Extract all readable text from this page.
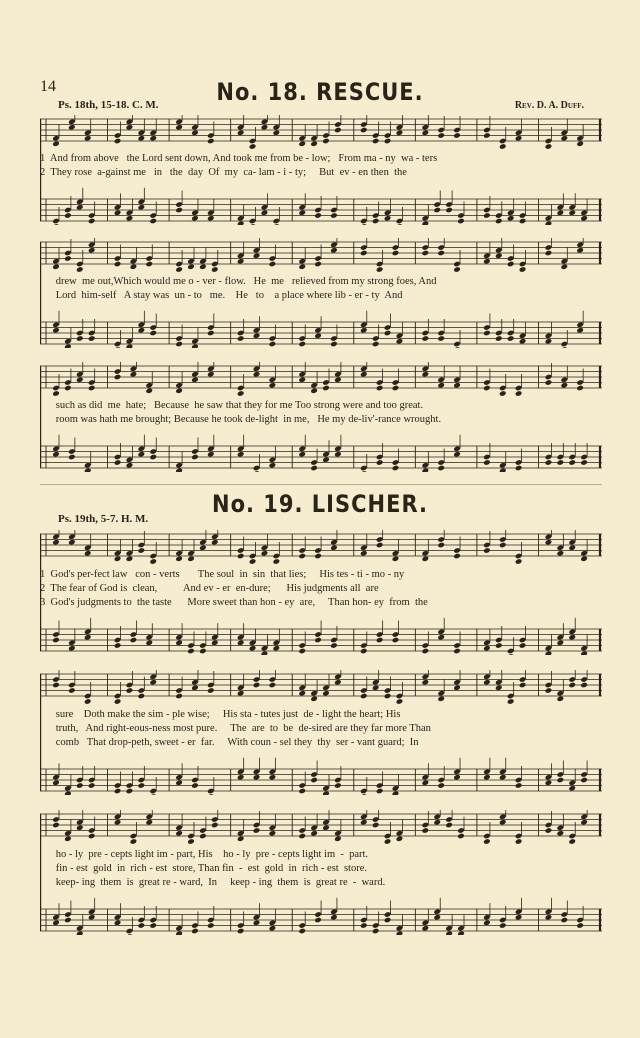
14	No. 18. RESCUE.
Ps. 18th, 15-18. C. M.	Rev. D. A. Duff.
1  And from above   the Lord sent down, And took me from be - low;   From ma - ny  wa - ters
2  They rose  a-gainst me   in   the  day  Of  my  ca- lam - i - ty;     But  ev - en then  the
drew  me out,Which would me o - ver - flow.   He  me   relieved from my strong foes, And
Lord  him-self   A stay was  un - to   me.    He   to    a place where lib - er - ty  And
such as did  me  hate;   Because  he saw that they for me Too strong were and too great.
room was hath me brought; Because he took de-light  in me,   He my de-liv'-rance wrought.
No. 19. LISCHER.
Ps. 19th, 5-7. H. M.
1  God's per-fect law   con - verts       The soul  in  sin  that lies;     His tes - ti - mo - ny
2  The fear of God is  clean,          And ev - er  en-dure;      His judgments all  are
3  God's judgments to  the taste      More sweet than hon - ey  are,     Than hon- ey  from  the
sure    Doth make the sim - ple wise;     His sta - tutes just  de - light the heart; His
truth,   And right-eous-ness most pure.     The  are  to  be  de-sired are they far more Than
comb   That drop-peth, sweet - er  far.     With coun - sel they  thy  ser - vant guard;  In
ho - ly  pre - cepts light im - part, His    ho - ly  pre - cepts light im  -  part.
fin - est  gold  in  rich - est  store, Than fin  -  est  gold  in  rich - est  store.
keep- ing  them  is  great re - ward,  In     keep - ing  them  is  great re  -  ward.
